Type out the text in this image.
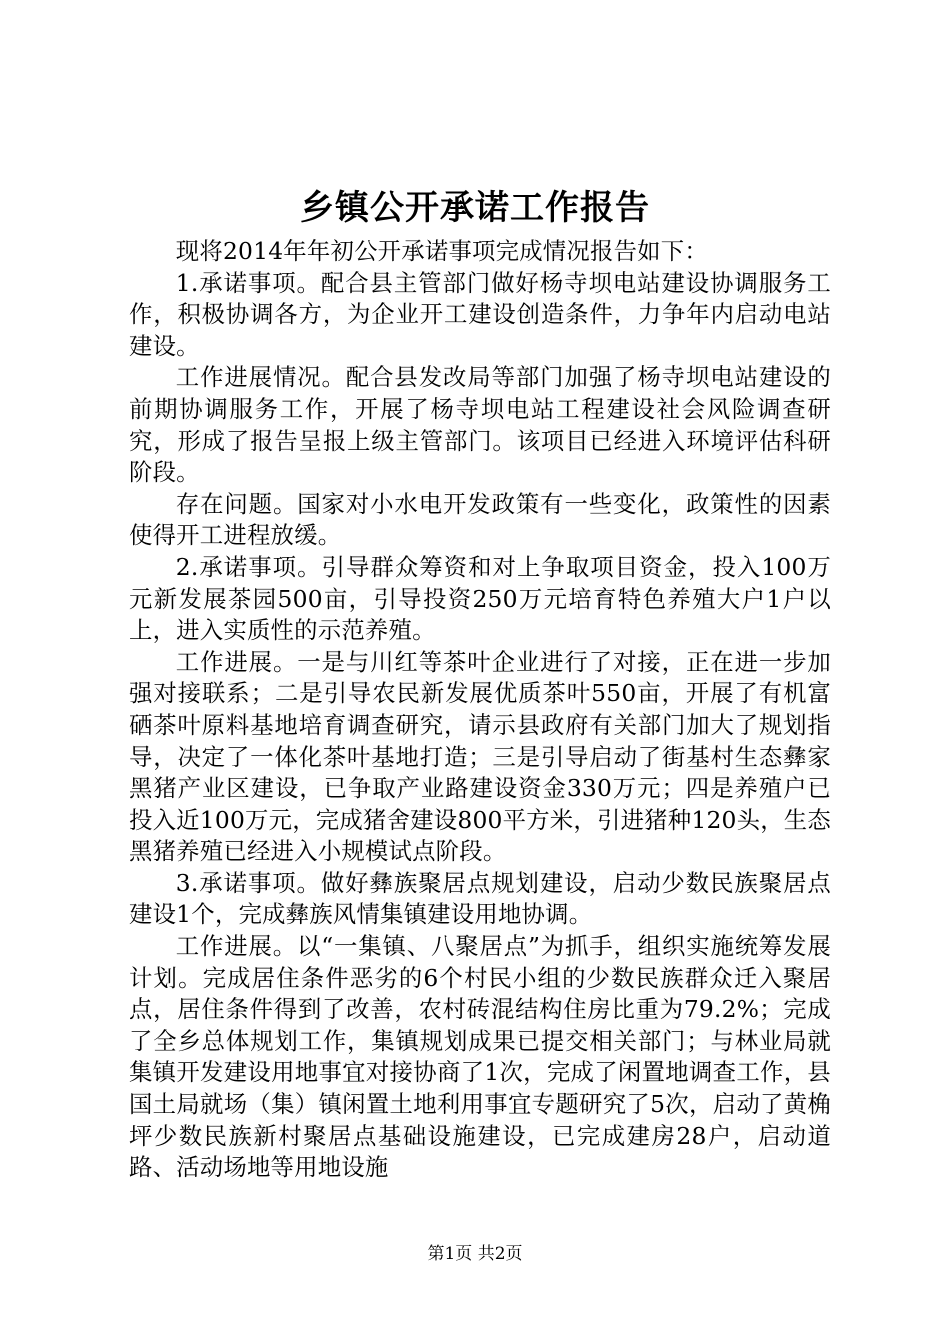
乡镇公开承诺工作报告

现将2014年年初公开承诺事项完成情况报告如下：

1.承诺事项。配合县主管部门做好杨寺坝电站建设协调服务工作，积极协调各方，为企业开工建设创造条件，力争年内启动电站建设。

工作进展情况。配合县发改局等部门加强了杨寺坝电站建设的前期协调服务工作，开展了杨寺坝电站工程建设社会风险调查研究，形成了报告呈报上级主管部门。该项目已经进入环境评估科研阶段。

存在问题。国家对小水电开发政策有一些变化，政策性的因素使得开工进程放缓。

2.承诺事项。引导群众筹资和对上争取项目资金，投入100万元新发展茶园500亩，引导投资250万元培育特色养殖大户1户以上，进入实质性的示范养殖。

工作进展。一是与川红等茶叶企业进行了对接，正在进一步加强对接联系；二是引导农民新发展优质茶叶550亩，开展了有机富硒茶叶原料基地培育调查研究，请示县政府有关部门加大了规划指导，决定了一体化茶叶基地打造；三是引导启动了街基村生态彝家黑猪产业区建设，已争取产业路建设资金330万元；四是养殖户已投入近100万元，完成猪舍建设800平方米，引进猪种120头，生态黑猪养殖已经进入小规模试点阶段。

3.承诺事项。做好彝族聚居点规划建设，启动少数民族聚居点建设1个，完成彝族风情集镇建设用地协调。

工作进展。以“一集镇、八聚居点”为抓手，组织实施统筹发展计划。完成居住条件恶劣的6个村民小组的少数民族群众迁入聚居点，居住条件得到了改善，农村砖混结构住房比重为79.2%；完成了全乡总体规划工作，集镇规划成果已提交相关部门；与林业局就集镇开发建设用地事宜对接协商了1次，完成了闲置地调查工作，县国土局就场（集）镇闲置土地利用事宜专题研究了5次，启动了黄桷坪少数民族新村聚居点基础设施建设，已完成建房28户，启动道路、活动场地等用地设施

第1页 共2页
